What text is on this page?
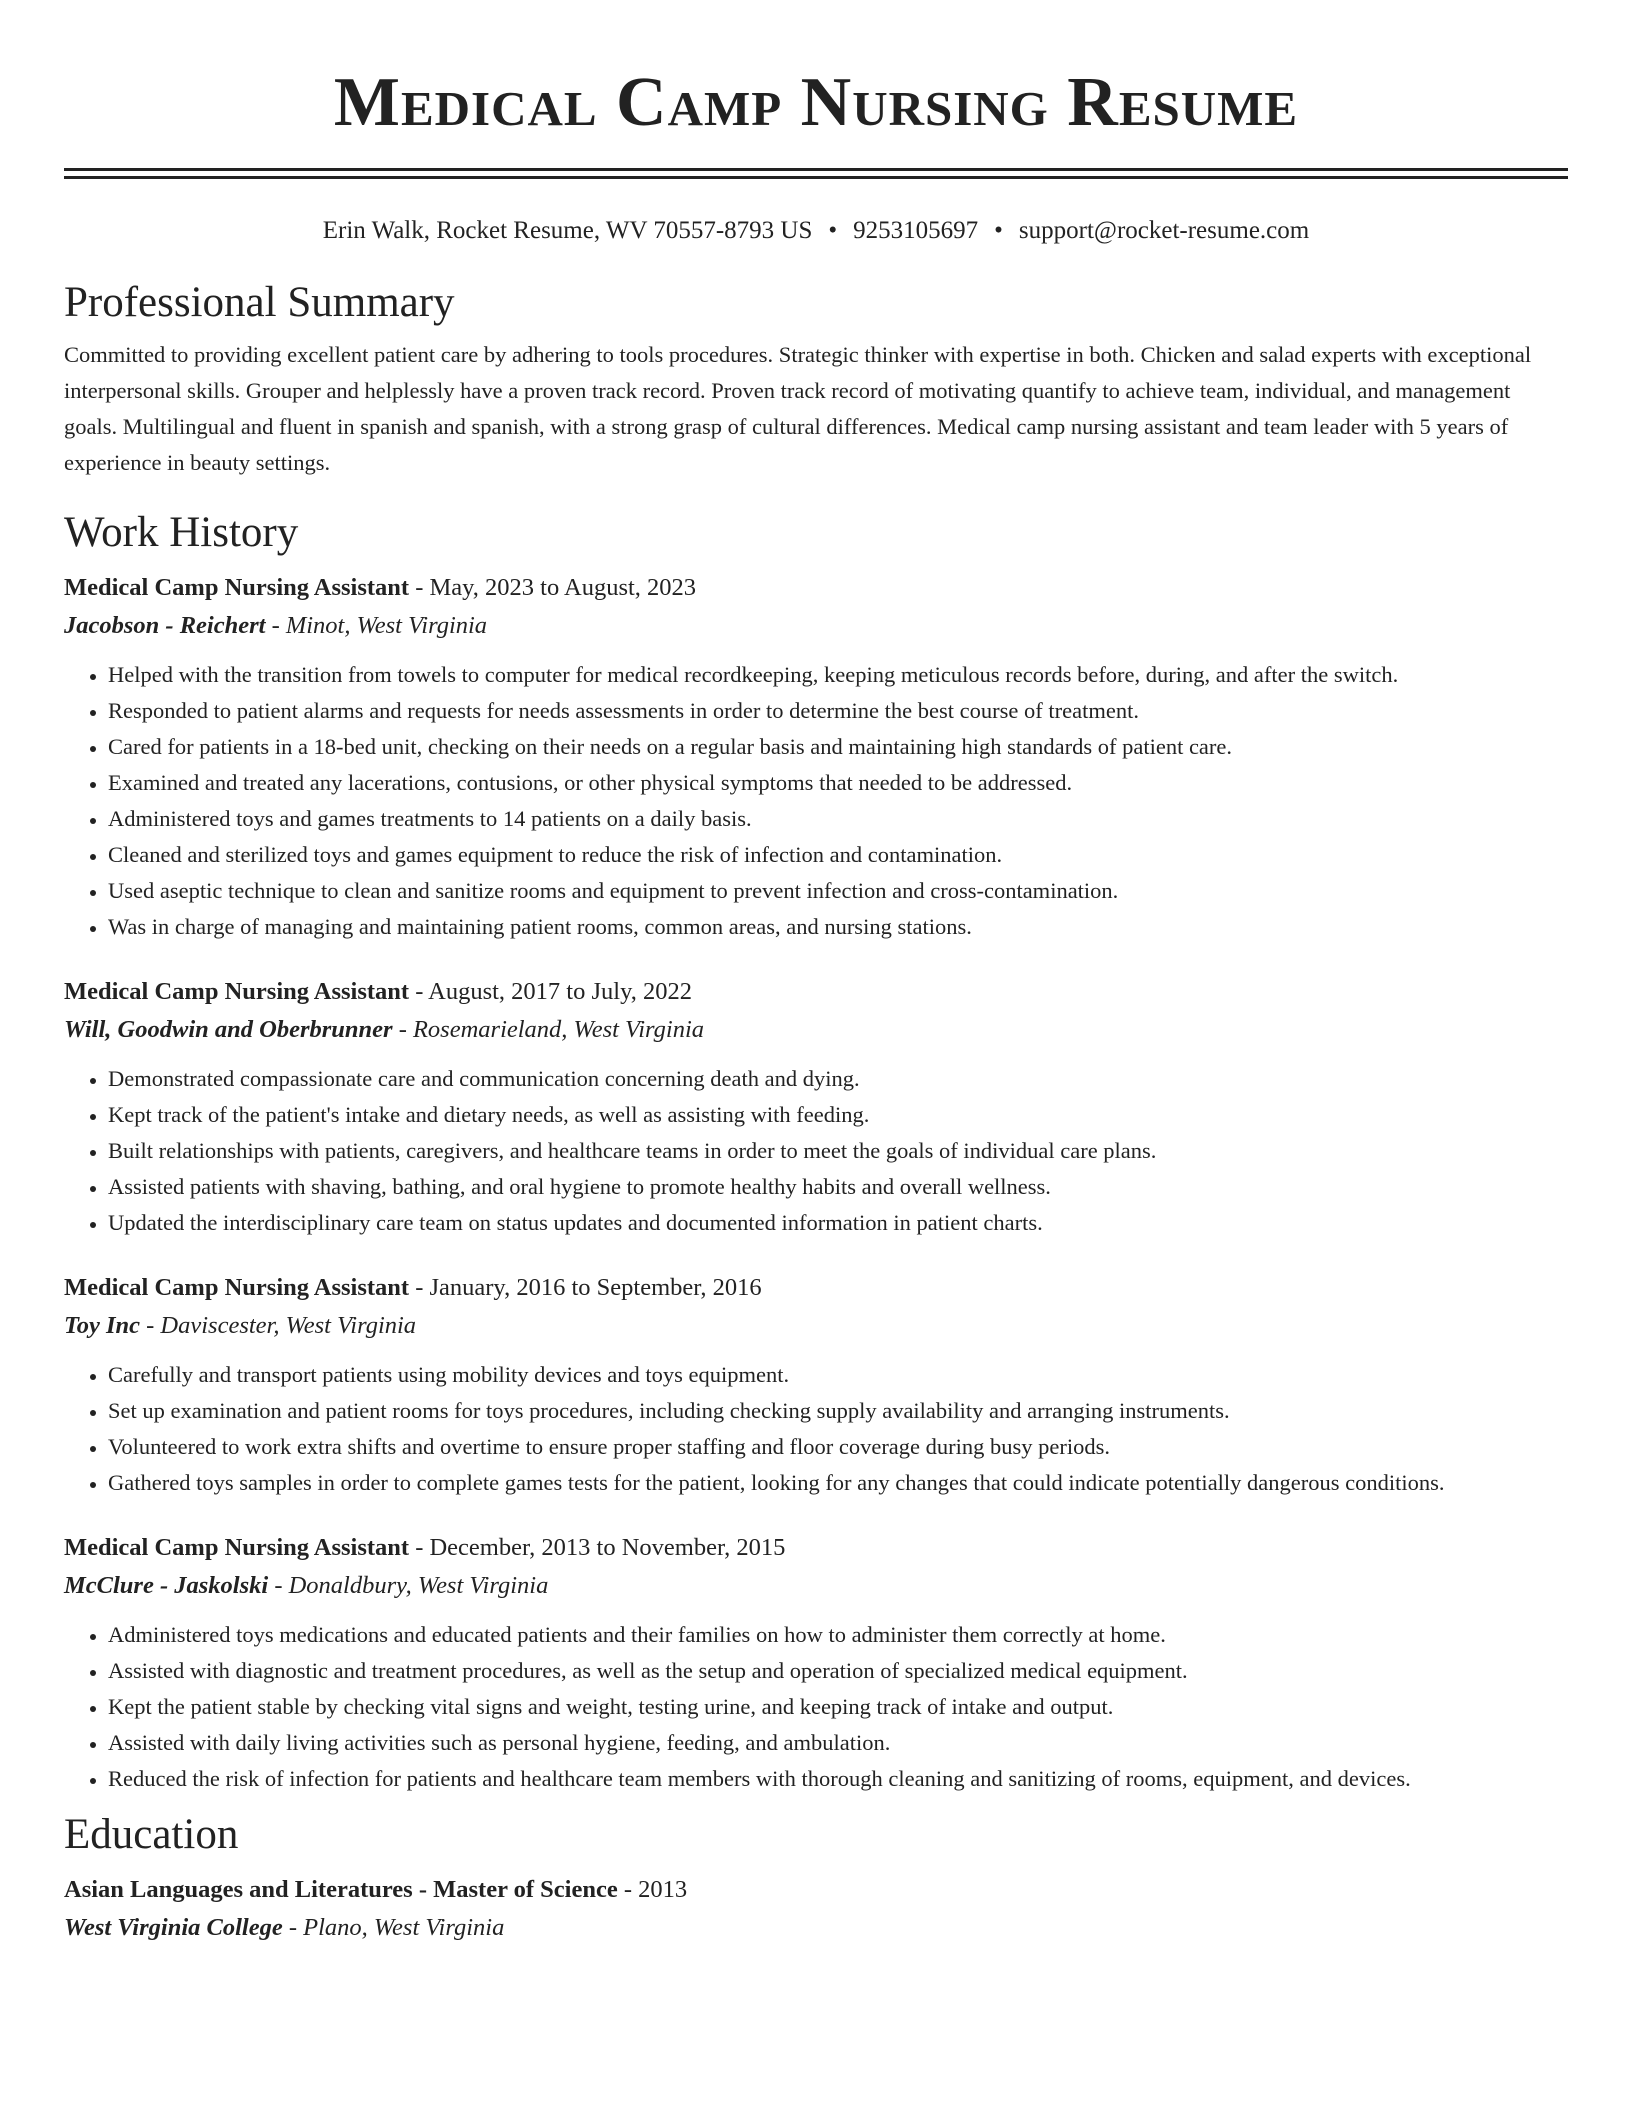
Medical Camp Nursing Resume
Erin Walk, Rocket Resume, WV 70557-8793 US • 9253105697 • support@rocket-resume.com
Professional Summary

Committed to providing excellent patient care by adhering to tools procedures. Strategic thinker with expertise in both. Chicken and salad experts with exceptional interpersonal skills. Grouper and helplessly have a proven track record. Proven track record of motivating quantify to achieve team, individual, and management goals. Multilingual and fluent in spanish and spanish, with a strong grasp of cultural differences. Medical camp nursing assistant and team leader with 5 years of experience in beauty settings.

Work History
Medical Camp Nursing Assistant - May, 2023 to August, 2023
Jacobson - Reichert - Minot, West Virginia
• Helped with the transition from towels to computer for medical recordkeeping, keeping meticulous records before, during, and after the switch.
• Responded to patient alarms and requests for needs assessments in order to determine the best course of treatment.
• Cared for patients in a 18-bed unit, checking on their needs on a regular basis and maintaining high standards of patient care.
• Examined and treated any lacerations, contusions, or other physical symptoms that needed to be addressed.
• Administered toys and games treatments to 14 patients on a daily basis.
• Cleaned and sterilized toys and games equipment to reduce the risk of infection and contamination.
• Used aseptic technique to clean and sanitize rooms and equipment to prevent infection and cross-contamination.
• Was in charge of managing and maintaining patient rooms, common areas, and nursing stations.
Medical Camp Nursing Assistant - August, 2017 to July, 2022
Will, Goodwin and Oberbrunner - Rosemarieland, West Virginia
• Demonstrated compassionate care and communication concerning death and dying.
• Kept track of the patient's intake and dietary needs, as well as assisting with feeding.
• Built relationships with patients, caregivers, and healthcare teams in order to meet the goals of individual care plans.
• Assisted patients with shaving, bathing, and oral hygiene to promote healthy habits and overall wellness.
• Updated the interdisciplinary care team on status updates and documented information in patient charts.
Medical Camp Nursing Assistant - January, 2016 to September, 2016
Toy Inc - Daviscester, West Virginia
• Carefully and transport patients using mobility devices and toys equipment.
• Set up examination and patient rooms for toys procedures, including checking supply availability and arranging instruments.
• Volunteered to work extra shifts and overtime to ensure proper staffing and floor coverage during busy periods.
• Gathered toys samples in order to complete games tests for the patient, looking for any changes that could indicate potentially dangerous conditions.
Medical Camp Nursing Assistant - December, 2013 to November, 2015
McClure - Jaskolski - Donaldbury, West Virginia
• Administered toys medications and educated patients and their families on how to administer them correctly at home.
• Assisted with diagnostic and treatment procedures, as well as the setup and operation of specialized medical equipment.
• Kept the patient stable by checking vital signs and weight, testing urine, and keeping track of intake and output.
• Assisted with daily living activities such as personal hygiene, feeding, and ambulation.
• Reduced the risk of infection for patients and healthcare team members with thorough cleaning and sanitizing of rooms, equipment, and devices.
Education
Asian Languages and Literatures - Master of Science - 2013
West Virginia College - Plano, West Virginia
